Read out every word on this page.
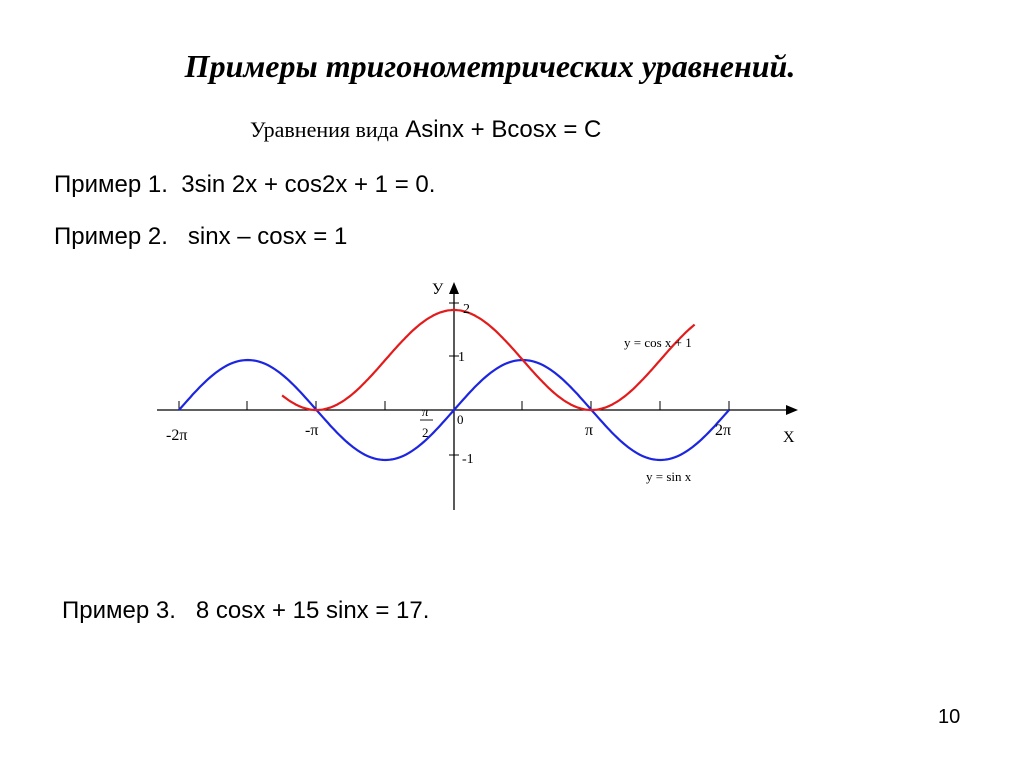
Примеры тригонометрических уравнений.
Уравнения вида Asinx + Bcosx = C
Пример 1. 3sin 2x + cos2x + 1 = 0.
Пример 2. sinx – cosx = 1
У
X
2
1
-1
0
-2π	-π	π	2π
π
2
y = cos x + 1
y = sin x
Пример 3. 8 cosx + 15 sinx = 17.
10
